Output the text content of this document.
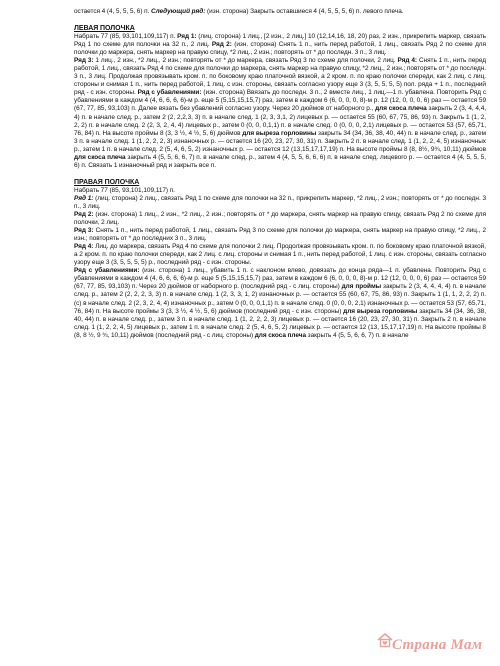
остается 4 (4, 5, 5, 5, 6) п. Следующий ряд: (изн. сторона) Закрыть оставшиеся 4 (4, 5, 5, 5, 6) п. левого плеча.

ЛЕВАЯ ПОЛОЧКА

Набрать 77 (85, 93,101,109,117) п. Ряд 1: (лиц. сторона) 1 лиц., [2 изн., 2 лиц.] 10 (12,14,16, 18, 20) раз, 2 изн., прикрепить маркер, связать Ряд 1 по схеме для полочки на 32 п., 2 лиц. Ряд 2: (изн. сторона) Снять 1 п., нить перед работой, 1 лиц., связать Ряд 2 по схеме для полочки до маркера, снять маркер на правую спицу, *2 лиц., 2 изн.; повторять от * до последн. 3 п., 3 лиц.

Ряд 3: 1 лиц., 2 изн., *2 лиц., 2 изн.; повторять от * до маркера, связать Ряд 3 по схеме для полочки, 2 лиц. Ряд 4: Снять 1 п., нить перед работой, 1 лиц., связать Ряд 4 по схеме для полочки до маркера, снять маркер на правую спицу, *2 лиц., 2 изн.; повторять от * до последн. 3 п., 3 лиц. Продолжая провязывать кром. п. по боковому краю платочной вязкой, а 2 кром. п. по краю полочки спереди, как 2 лиц. с лиц. стороны и снимая 1 п., нить перед работой, 1 лиц. с изн. стороны, связать согласно узору еще 3 (3, 5, 5, 5, 5) пол. ряда + 1 п., последний ряд - с изн. стороны. Ряд с убавлениями: (изн. сторона) Ввязать до последн. 3 п., 2 вместе лиц., 1 лиц.—1 п. убавлена. Повторить Ряд с убавлениями в каждом 4 (4, 6, 6, 6, 6)-м р. еще 5 (5,15,15,15,7) раз, затем в каждом 6 (6, 0, 0, 0, 8)-м р. 12 (12, 0, 0, 0, 6) раз — остается 59 (67, 77, 85, 93,103) п. Далее вязать без убавлений согласно узору. Через 20 дюймов от наборного р., для скоса плеча закрыть 2 (3, 4, 4,4, 4) п. в начале след. р., затем 2 (2, 2,2,3, 3) п. в начале след. 1 (2, 3, 3,1, 2) лицевых р. — остается 55 (60, 67, 75, 86, 93) п. Закрыть 1 (1, 2, 2, 2) п. в начале след. 2 (2, 3, 2, 4, 4) лицевых р., затем 0 (0, 0, 0,1,1) п. в начале след. 0 (0, 0, 0, 2,1) лицевых р. — остается 53 (57, 65,71, 76, 84) п. На высоте проймы 8 (3, 3 ½, 4 ½, 5, 6) дюймов для выреза горловины закрыть 34 (34, 36, 38, 40, 44) п. в начале след. р., затем 3 п. в начале след. 1 (1, 2, 2, 2, 3) изнаночных р. — остается 16 (20, 23, 27, 30, 31) п. Закрыть 2 п. в начале след. 1 (1, 2, 2, 4, 5) изнаночных р., затем 1 п. в начале след. 2 (5, 4, 6, 5, 2) изнаночных р. — остается 12 (13,15,17,17,19) п. На высоте проймы 8 (8, 8½, 9¾, 10,11) дюймов для скоса плеча закрыть 4 (5, 5, 6, 6, 7) п. в начале след. р., затем 4 (4, 5, 5, 6, 6, 6) п. в начале след. лицевого р. — остается 4 (4, 5, 5, 5, 6) п. Связать 1 изнаночный ряд и закрыть все п.

ПРАВАЯ ПОЛОЧКА

Набрать 77 (85, 93,101,109,117) п.

Ряд 1: (лиц. сторона) 2 лиц., связать Ряд 1 по схеме для полочки на 32 п., прикрепить маркер, *2 лиц., 2 изн.; повторять от * до последн. 3 п., 3 лиц.

Ряд 2: (изн. сторона) 1 лиц., 2 изн., *2 лиц., 2 изн.; повторять от * до маркера, снять маркер на правую спицу, связать Ряд 2 по схеме для полочки, 2 лиц.

Ряд 3: Снять 1 п., нить перед работой, 1 лиц., связать Ряд 3 по схеме для полочки до маркера, снять маркер на правую спицу, *2 лиц., 2 изн.; повторять от * до последних 3 п., 3 лиц.

Ряд 4: Лиц. до маркера, связать Ряд 4 по схеме для полочки 2 лиц. Продолжая провязывать кром. п. по боковому краю платочной вязкой, а 2 кром. п. по краю полочки спереди, как 2 лиц. с лиц. стороны и снимая 1 п., нить перед работой, 1 лиц. с изн. стороны, связать согласно узору еще 3 (3, 5, 5, 5, 5) р., последний ряд - с изн. стороны.

Ряд с убавлениями: (изн. сторона) 1 лиц., убавить 1 п. с наклоном влево, довязать до конца ряда—1 п. убавлена. Повторить Ряд с убавлениями в каждом 4 (4, 6, 6, 6, 6)-м р. еще 5 (5,15,15,15,7) раз, затем в каждом 6 (6, 0, 0, 0, 8)-м р. 12 (12, 0, 0, 0, 6) раз — остается 59 (67, 77, 85, 93,103) п. Через 20 дюймов от наборного р. (последний ряд - с лиц. стороны) для проймы закрыть 2 (3, 4, 4, 4, 4) п. в начале след. р., затем 2 (2, 2, 2, 3, 3) п. в начале след. 1 (2, 3, 3, 1, 2) изнаночных р. — остается 55 (60, 67, 75, 86, 93) п. Закрыть 1 (1, 1, 2, 2, 2) п.(с) в начале след. 2 (2, 3, 2, 4, 4) изнаночных р., затем 0 (0, 0, 0,1,1) п. в начале след. 0 (0, 0, 0, 2,1) изнаночных р. — остается 53 (57, 65,71, 76, 84) п. На высоте проймы 3 (3, 3 ½, 4 ½, 5, 6) дюймов (последний ряд - с изн. стороны) для выреза горловины закрыть 34 (34, 36, 38, 40, 44) п. в начале след. р., затем 3 п. в начале след. 1 (1, 2, 2, 2, 3) лицевых р. — остается 16 (20, 23, 27, 30, 31) п. Закрыть 2 п. в начале след. 1 (1, 2, 2, 4, 5) лицевых р., затем 1 п. в начале след. 2 (5, 4, 6, 5, 2) лицевых р. — остается 12 (13, 15,17,17,19) п. На высоте проймы 8 (8, 8 ½, 9 ¾, 10,11) дюймов (последний ряд - с лиц. стороны) для скоса плеча закрыть 4 (5, 5, 6, 6, 7) п. в начале

Страна Мам
